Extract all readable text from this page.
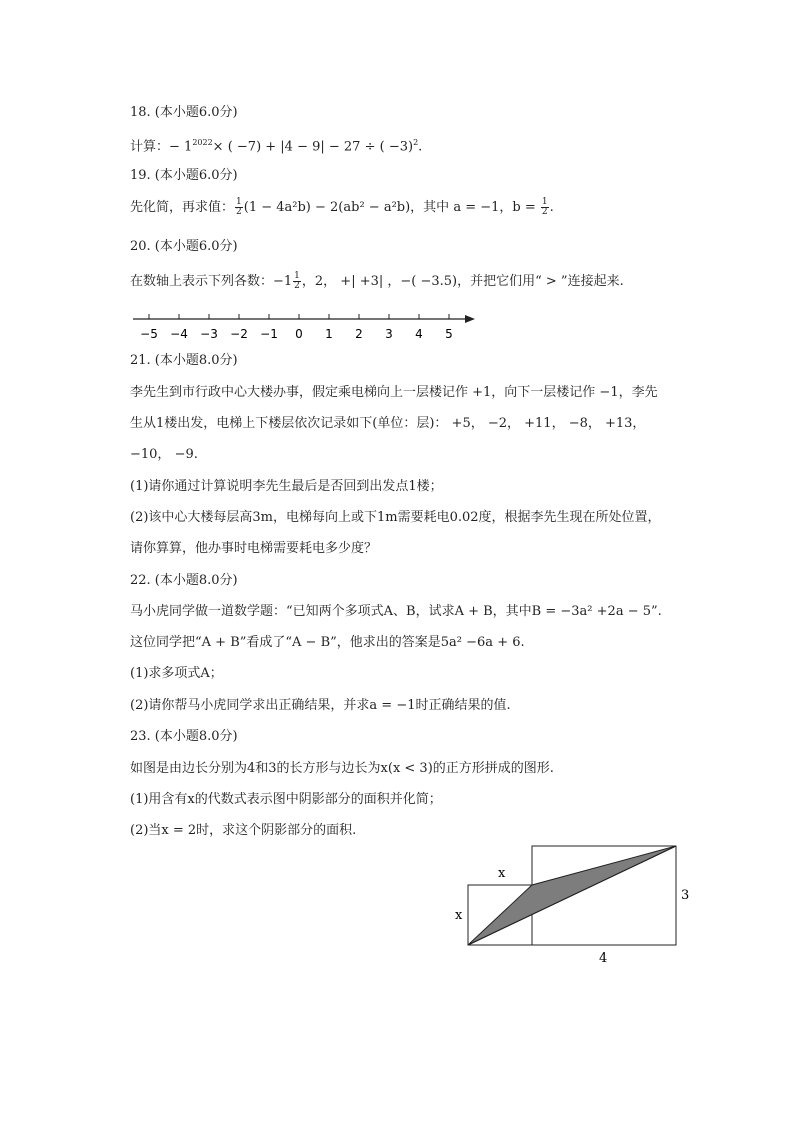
18. (本小题6.0分)
计算：− $1^{2022}\times$ ( −7) + |4 − 9| − 27 ÷ ( −3)$^2$.
19. (本小题6.0分)
先化简，再求值： $\frac{1}{2} (1 - 4a^2b) - 2(ab^2 - a^2b)$，其中 a = −1，$b = \frac{1}{2}$ .
20. (本小题6.0分)
在数轴上表示下列各数：$-1 \frac{1}{2}$ ，2， +| +3| ，−( −3.5)，并把它们用“ > ”连接起来.
−5 −4 −3 −2 −1 0 1 2 3 4 5
21. (本小题8.0分)
李先生到市行政中心大楼办事，假定乘电梯向上一层楼记作 +1，向下一层楼记作 −1，李先
生从1楼出发，电梯上下楼层依次记录如下(单位：层)： +5， −2， +11， −8， +13，
−10， −9.
(1)请你通过计算说明李先生最后是否回到出发点1楼；
(2)该中心大楼每层高3m，电梯每向上或下1m需要耗电0.02度，根据李先生现在所处位置，
请你算算，他办事时电梯需要耗电多少度？
22. (本小题8.0分)
马小虎同学做一道数学题：“已知两个多项式A、B，试求A + B，其中B = −3a² +2a − 5”.
这位同学把“A + B”看成了“A − B”，他求出的答案是5a² −6a + 6.
(1)求多项式A；
(2)请你帮马小虎同学求出正确结果，并求a = −1时正确结果的值.
23. (本小题8.0分)
如图是由边长分别为4和3的长方形与边长为x(x < 3)的正方形拼成的图形.
(1)用含有x的代数式表示图中阴影部分的面积并化简；
(2)当x = 2时，求这个阴影部分的面积.
x
x
3
4
